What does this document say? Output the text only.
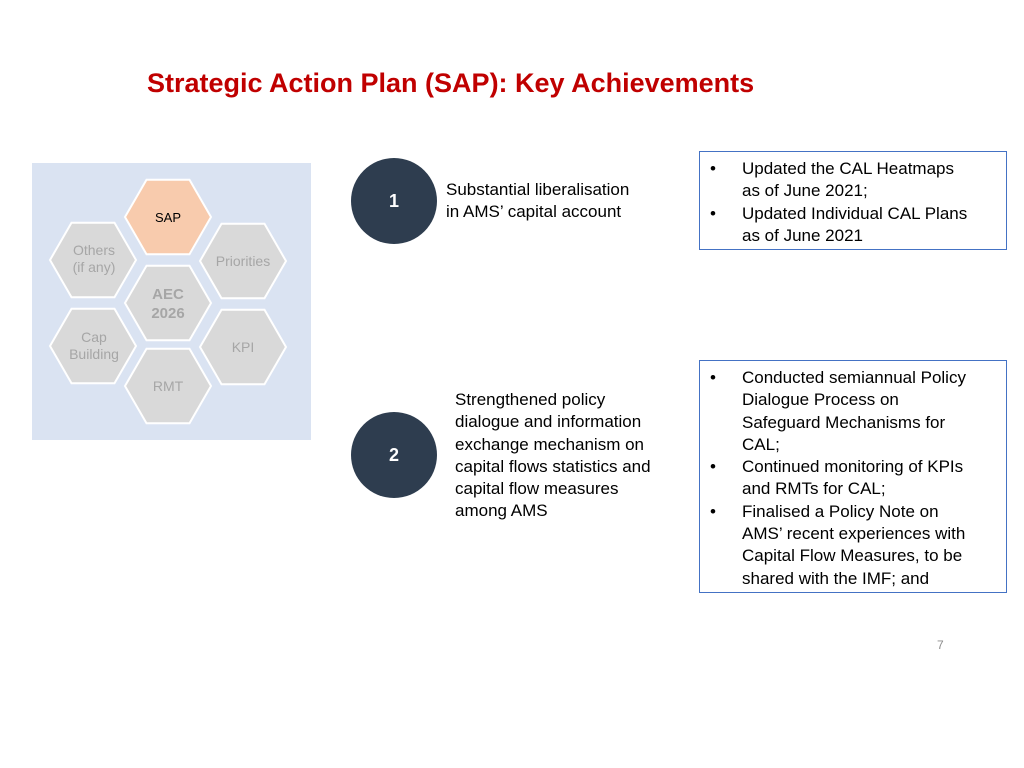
Strategic Action Plan (SAP): Key Achievements
SAP
Others
(if any)	Priorities
AEC
2026
Cap
Building	KPI
RMT
1
Substantial liberalisation
in AMS’ capital account
• Updated the CAL Heatmaps
as of June 2021;
• Updated Individual CAL Plans
as of June 2021
2
Strengthened policy
dialogue and information
exchange mechanism on
capital flows statistics and
capital flow measures
among AMS
• Conducted semiannual Policy
Dialogue Process on
Safeguard Mechanisms for
CAL;
• Continued monitoring of KPIs
and RMTs for CAL;
• Finalised a Policy Note on
AMS’ recent experiences with
Capital Flow Measures, to be
shared with the IMF; and
7
